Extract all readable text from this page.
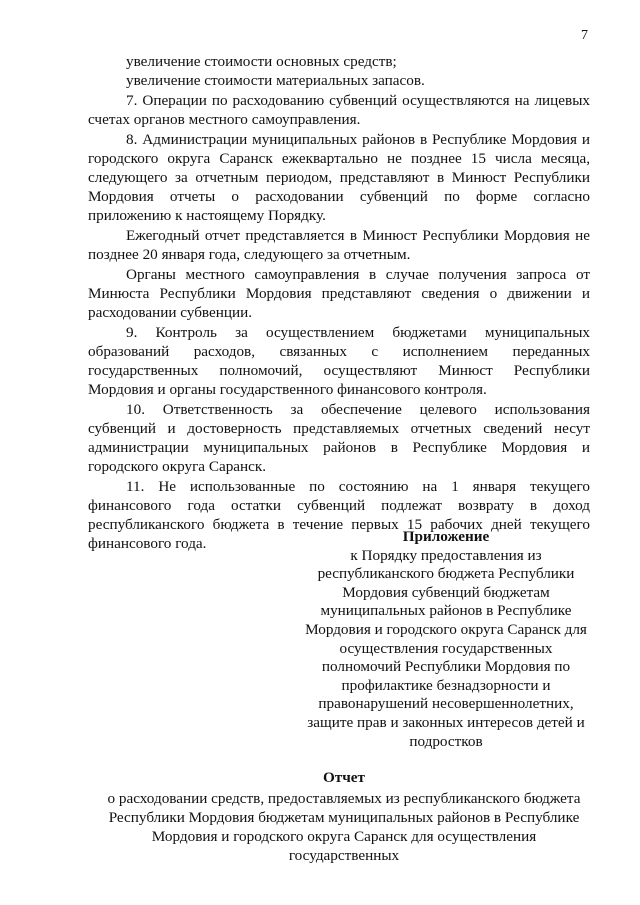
7

увеличение стоимости основных средств;

увеличение стоимости материальных запасов.

7. Операции по расходованию субвенций осуществляются на лицевых счетах органов местного самоуправления.

8. Администрации муниципальных районов в Республике Мордовия и городского округа Саранск ежеквартально не позднее 15 числа месяца, следующего за отчетным периодом, представляют в Минюст Республики Мордовия отчеты о расходовании субвенций по форме согласно приложению к настоящему Порядку.

Ежегодный отчет представляется в Минюст Республики Мордовия не позднее 20 января года, следующего за отчетным.

Органы местного самоуправления в случае получения запроса от Минюста Республики Мордовия представляют сведения о движении и расходовании субвенции.

9. Контроль за осуществлением бюджетами муниципальных образований расходов, связанных с исполнением переданных государственных полномочий, осуществляют Минюст Республики Мордовия и органы государственного финансового контроля.

10. Ответственность за обеспечение целевого использования субвенций и достоверность представляемых отчетных сведений несут администрации муниципальных районов в Республике Мордовия и городского округа Саранск.

11. Не использованные по состоянию на 1 января текущего финансового года остатки субвенций подлежат возврату в доход республиканского бюджета в течение первых 15 рабочих дней текущего финансового года.	Приложение
к Порядку предоставления из республиканского бюджета Республики Мордовия субвенций бюджетам муниципальных районов в Республике Мордовия и городского округа Саранск для осуществления государственных полномочий Республики Мордовия по профилактике безнадзорности и правонарушений несовершеннолетних, защите прав и законных интересов детей и подростков
Отчет
о расходовании средств, предоставляемых из республиканского бюджета Республики Мордовия бюджетам муниципальных районов в Республике Мордовия и городского округа Саранск для осуществления государственных
